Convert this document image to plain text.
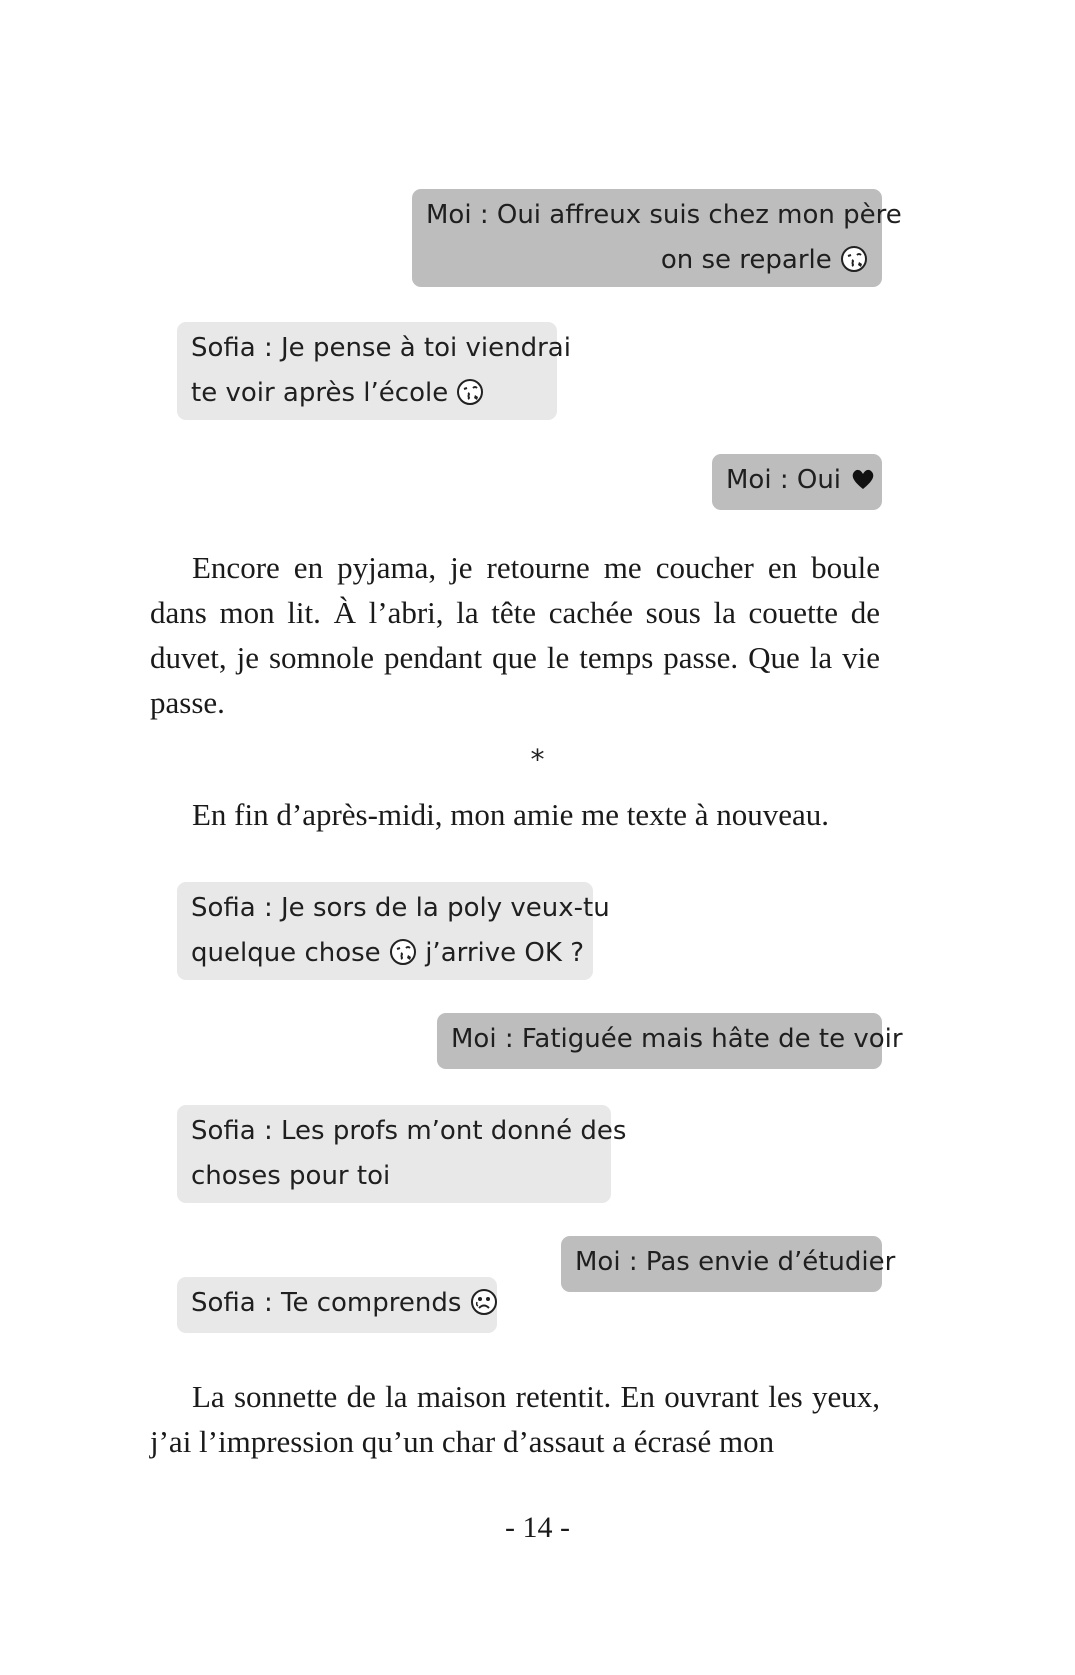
Moi : Oui affreux suis chez mon père
on se reparle
Sofia : Je pense à toi viendrai
te voir après l’école
Moi : Oui

Encore en pyjama, je retourne me coucher en boule dans mon lit. À l’abri, la tête cachée sous la couette de duvet, je somnole pendant que le temps passe. Que la vie passe.

*

En fin d’après-midi, mon amie me texte à nouveau.

Sofia : Je sors de la poly veux-tu
quelque chose j’arrive OK ?
Moi : Fatiguée mais hâte de te voir
Sofia : Les profs m’ont donné des
choses pour toi
Moi : Pas envie d’étudier
Sofia : Te comprends

La sonnette de la maison retentit. En ouvrant les yeux, j’ai l’impression qu’un char d’assaut a écrasé mon

- 14 -
